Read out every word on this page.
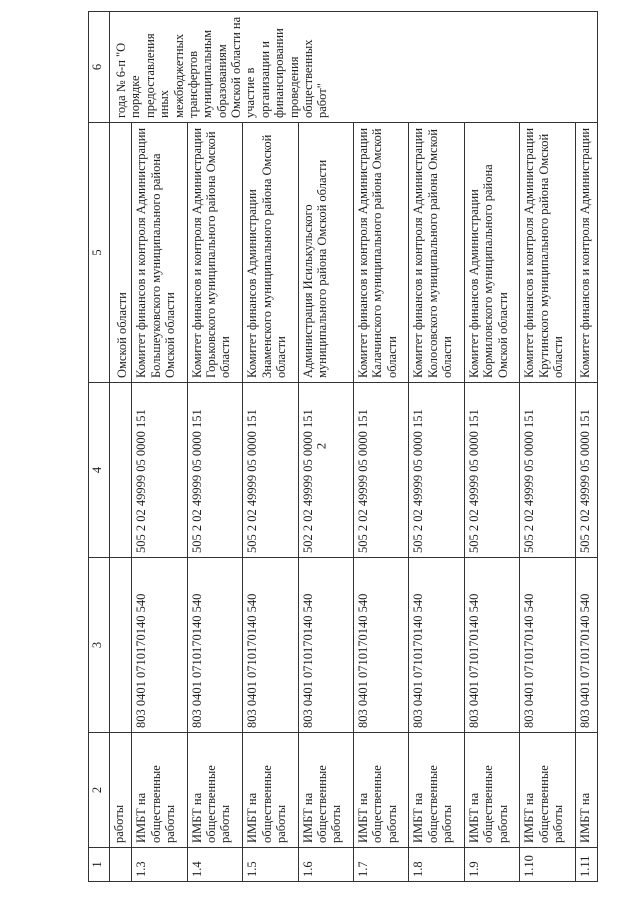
2
1	2	3	4	5	6	
	работы			Омской области	года № 6-п "О порядке предоставления иных межбюджетных трансфертов муниципальным образованиям Омской области на участие в организации и финансировании проведения общественных работ"	
1.3	ИМБТ на общественные работы	803 0401 0710170140 540	505 2 02 49999 05 0000 151	Комитет финансов и контроля Администрации Большеуковского муниципального района Омской области		
1.4	ИМБТ на общественные работы	803 0401 0710170140 540	505 2 02 49999 05 0000 151	Комитет финансов и контроля Администрации Горьковского муниципального района Омской области		
1.5	ИМБТ на общественные работы	803 0401 0710170140 540	505 2 02 49999 05 0000 151	Комитет финансов Администрации Знаменского муниципального района Омской области		
1.6	ИМБТ на общественные работы	803 0401 0710170140 540	502 2 02 49999 05 0000 151	Администрация Исилькульского муниципального района Омской области		
1.7	ИМБТ на общественные работы	803 0401 0710170140 540	505 2 02 49999 05 0000 151	Комитет финансов и контроля Администрации Калачинского муниципального района Омской области		
1.8	ИМБТ на общественные работы	803 0401 0710170140 540	505 2 02 49999 05 0000 151	Комитет финансов и контроля Администрации Колосовского муниципального района Омской области		
1.9	ИМБТ на общественные работы	803 0401 0710170140 540	505 2 02 49999 05 0000 151	Комитет финансов Администрации Кормиловского муниципального района Омской области		
1.10	ИМБТ на общественные работы	803 0401 0710170140 540	505 2 02 49999 05 0000 151	Комитет финансов и контроля Администрации Крутинского муниципального района Омской области		
1.11	ИМБТ на	803 0401 0710170140 540	505 2 02 49999 05 0000 151	Комитет финансов и контроля Администрации		
